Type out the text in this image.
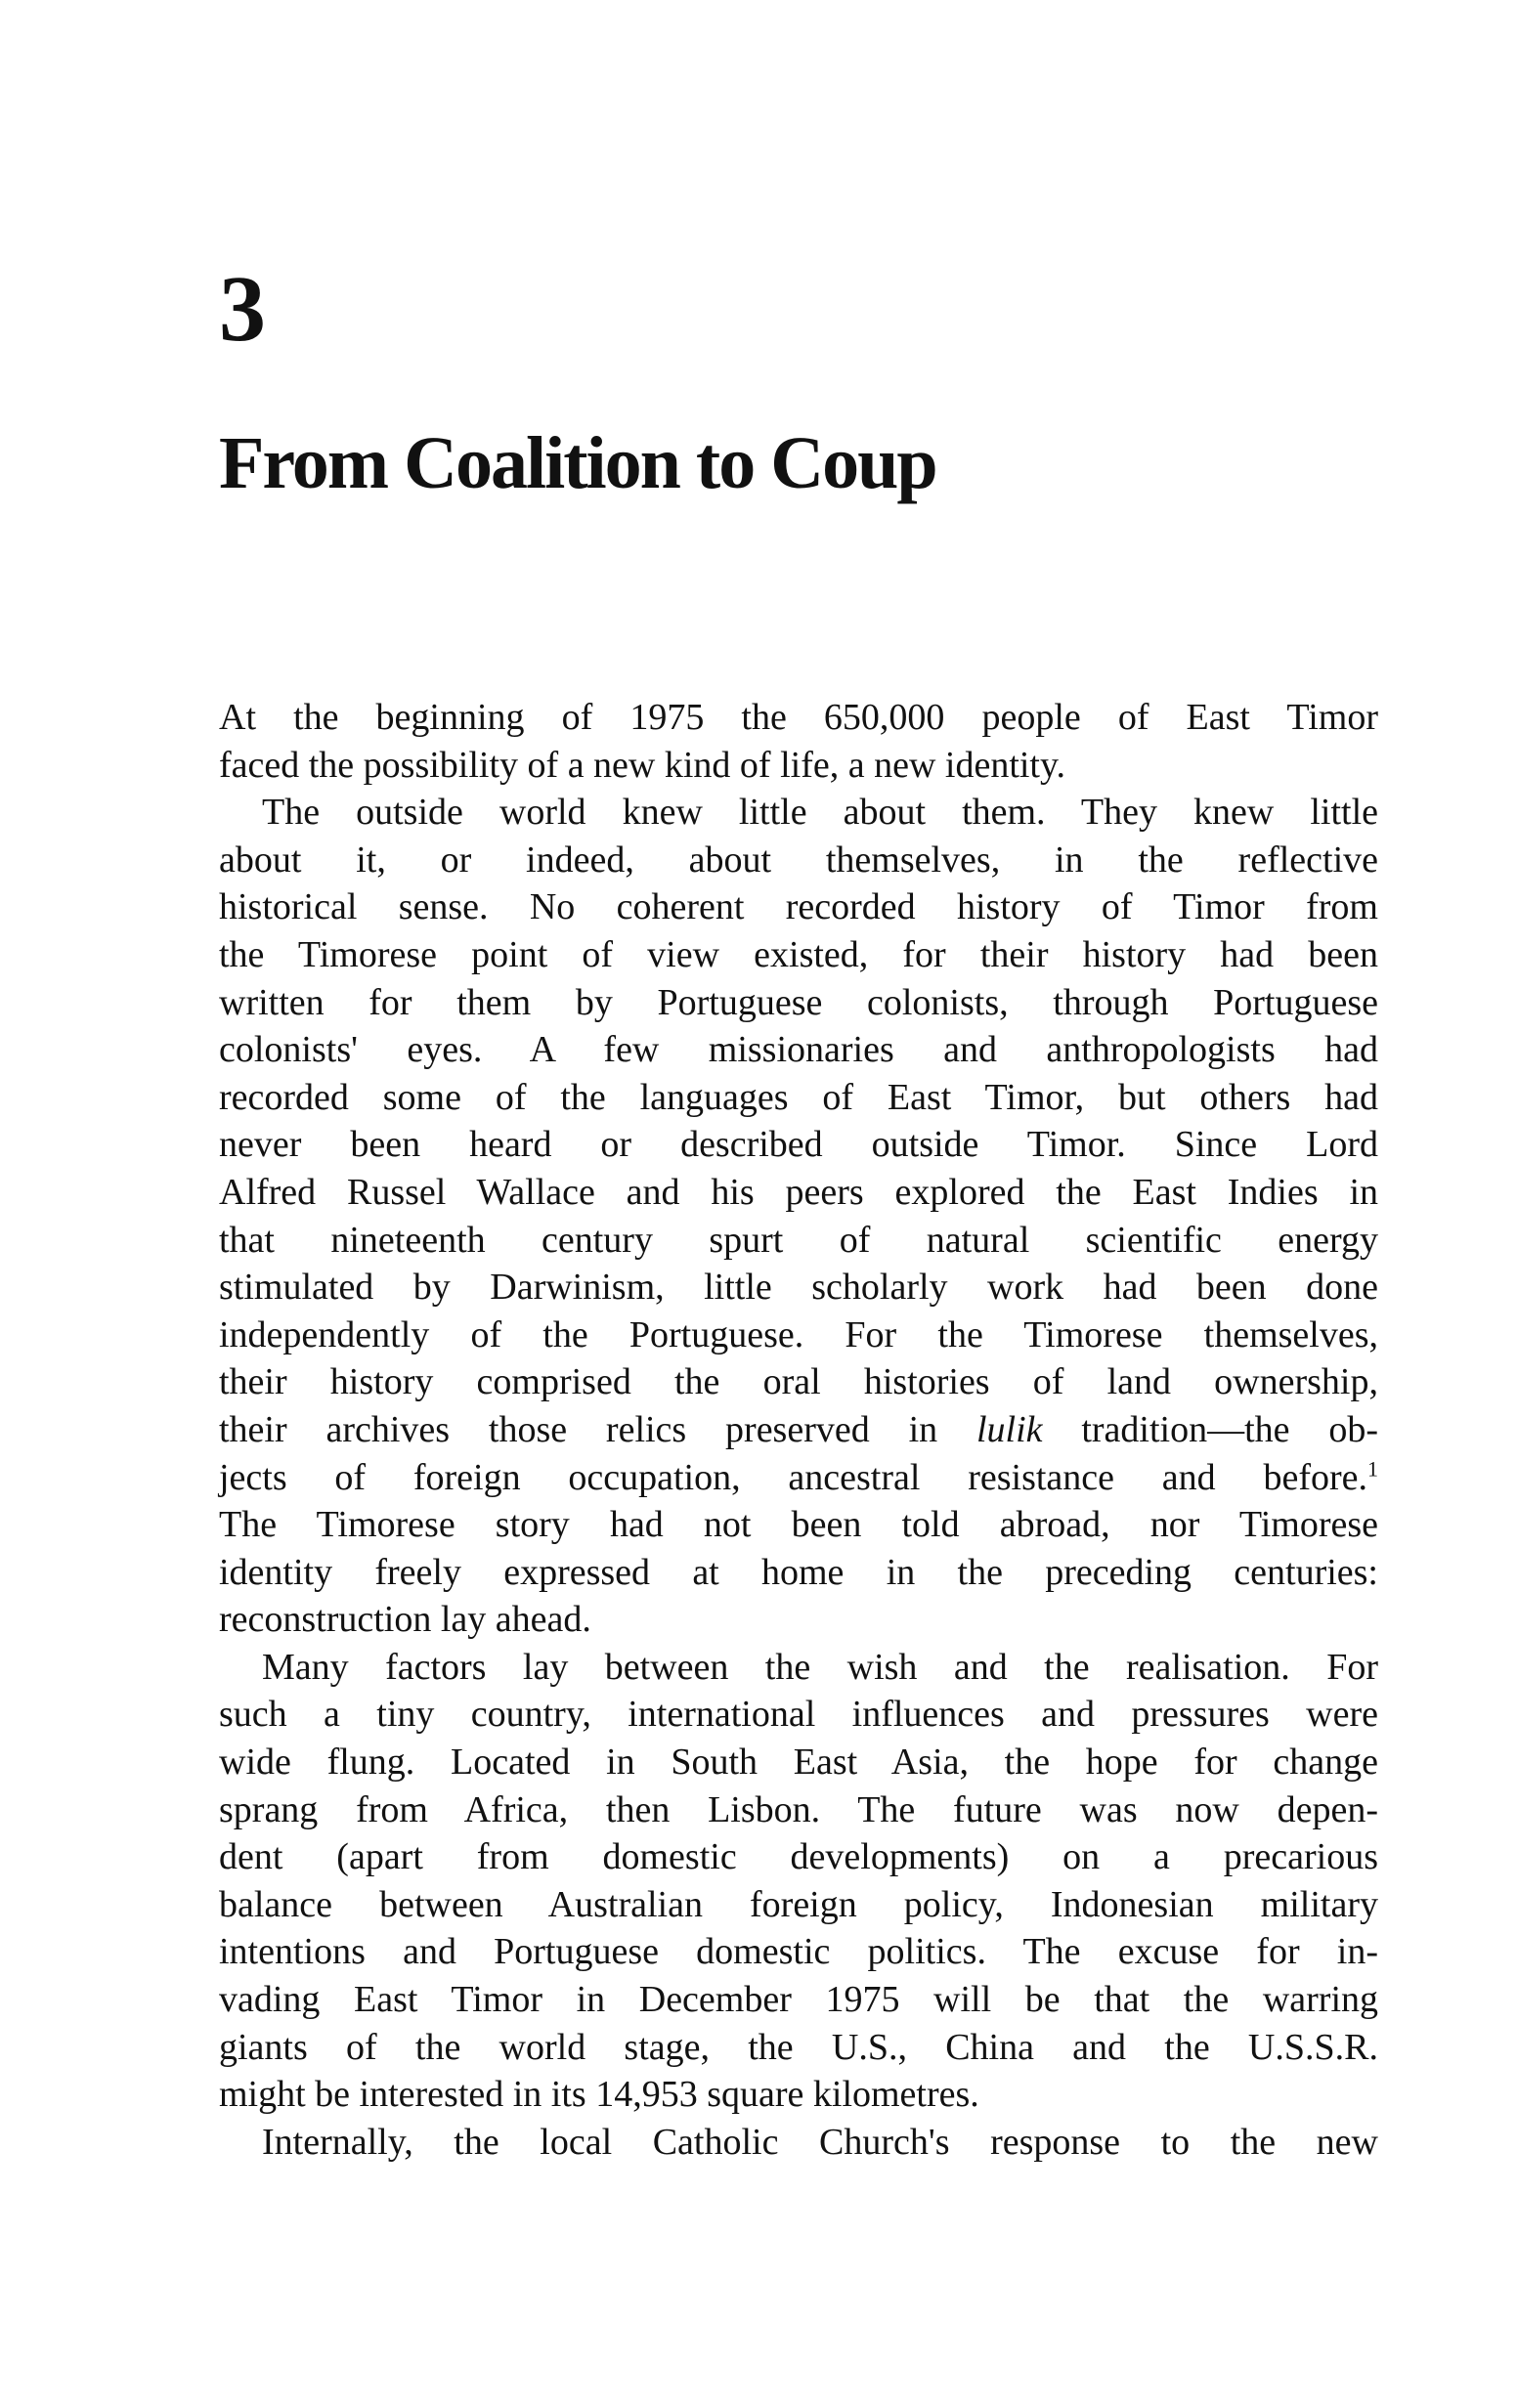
3
From Coalition to Coup

At the beginning of 1975 the 650,000 people of East Timor
faced the possibility of a new kind of life, a new identity.

The outside world knew little about them. They knew little
about it, or indeed, about themselves, in the reflective
historical sense. No coherent recorded history of Timor from
the Timorese point of view existed, for their history had been
written for them by Portuguese colonists, through Portuguese
colonists' eyes. A few missionaries and anthropologists had
recorded some of the languages of East Timor, but others had
never been heard or described outside Timor. Since Lord
Alfred Russel Wallace and his peers explored the East Indies in
that nineteenth century spurt of natural scientific energy
stimulated by Darwinism, little scholarly work had been done
independently of the Portuguese. For the Timorese themselves,
their history comprised the oral histories of land ownership,
their archives those relics preserved in lulik tradition—the ob-
jects of foreign occupation, ancestral resistance and before.$^1$
The Timorese story had not been told abroad, nor Timorese
identity freely expressed at home in the preceding centuries:
reconstruction lay ahead.

Many factors lay between the wish and the realisation. For
such a tiny country, international influences and pressures were
wide flung. Located in South East Asia, the hope for change
sprang from Africa, then Lisbon. The future was now depen-
dent (apart from domestic developments) on a precarious
balance between Australian foreign policy, Indonesian military
intentions and Portuguese domestic politics. The excuse for in-
vading East Timor in December 1975 will be that the warring
giants of the world stage, the U.S., China and the U.S.S.R.
might be interested in its 14,953 square kilometres.

Internally, the local Catholic Church's response to the new
